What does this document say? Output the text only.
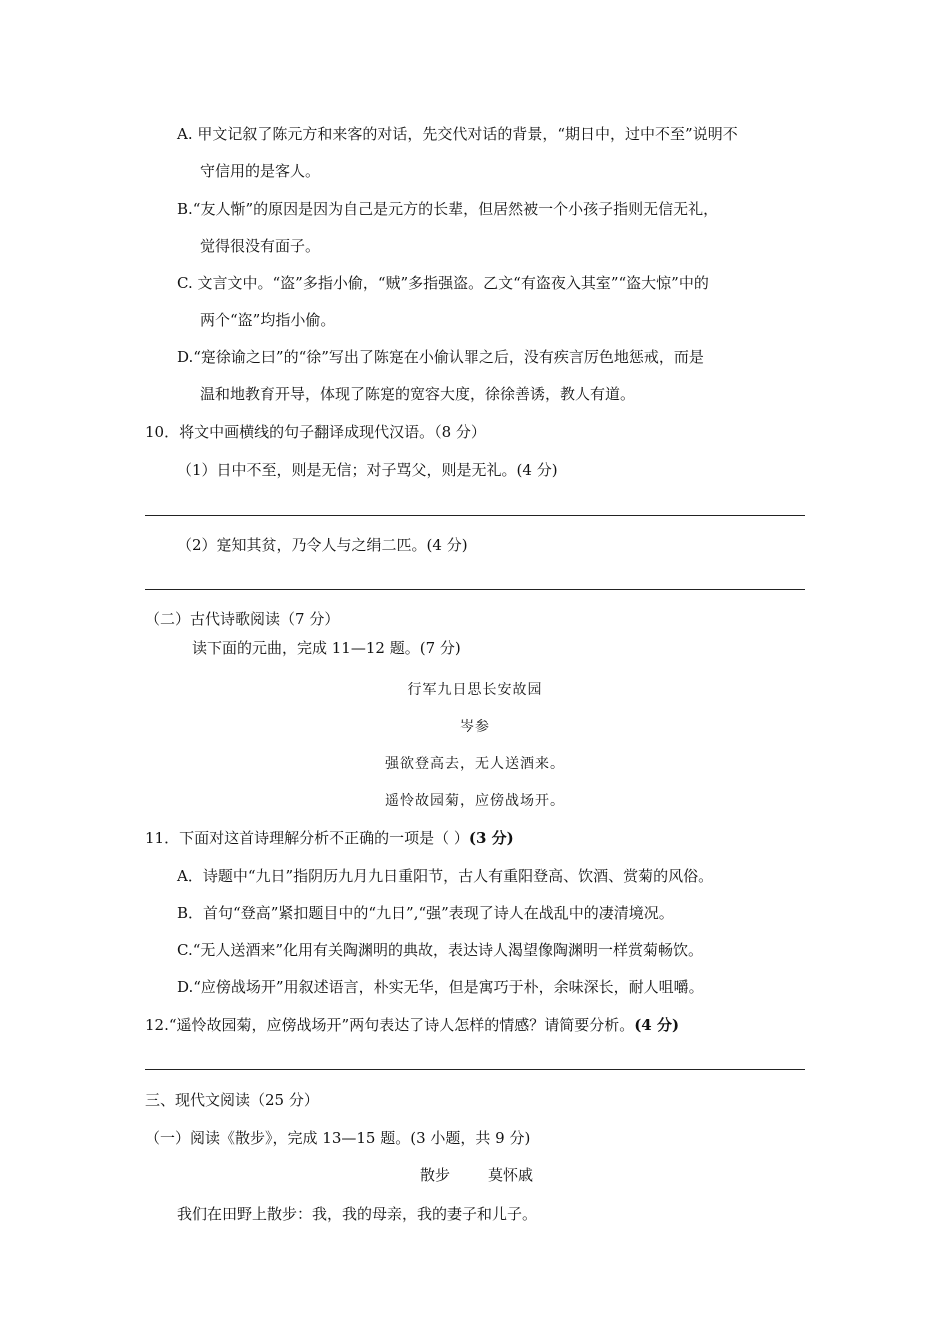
A. 甲文记叙了陈元方和来客的对话，先交代对话的背景，“期日中，过中不至”说明不
守信用的是客人。
B.“友人惭”的原因是因为自己是元方的长辈，但居然被一个小孩子指则无信无礼，
觉得很没有面子。
C. 文言文中。“盗”多指小偷，“贼”多指强盗。乙文“有盗夜入其室”“盗大惊”中的
两个“盗”均指小偷。
D.“寔徐谕之曰”的“徐”写出了陈寔在小偷认罪之后，没有疾言厉色地惩戒，而是
温和地教育开导，体现了陈寔的宽容大度，徐徐善诱，教人有道。
10．将文中画横线的句子翻译成现代汉语。（8 分）
（1）日中不至，则是无信；对子骂父，则是无礼。(4 分)
（2）寔知其贫，乃令人与之绢二匹。(4 分)
（二）古代诗歌阅读（7 分）
读下面的元曲，完成 11—12 题。(7 分)
行军九日思长安故园
岑参
强欲登高去，无人送酒来。
遥怜故园菊，应傍战场开。
11．下面对这首诗理解分析不正确的一项是（ ）(3 分)
A．诗题中“九日”指阴历九月九日重阳节，古人有重阳登高、饮酒、赏菊的风俗。
B．首句“登高”紧扣题目中的“九日”,“强”表现了诗人在战乱中的凄清境况。
C.“无人送酒来”化用有关陶渊明的典故，表达诗人渴望像陶渊明一样赏菊畅饮。
D.“应傍战场开”用叙述语言，朴实无华，但是寓巧于朴，余味深长，耐人咀嚼。
12.“遥怜故园菊，应傍战场开”两句表达了诗人怎样的情感？请简要分析。(4 分)
三、现代文阅读（25 分）
（一）阅读《散步》，完成 13—15 题。(3 小题，共 9 分)
散步	莫怀戚
我们在田野上散步：我，我的母亲，我的妻子和儿子。
